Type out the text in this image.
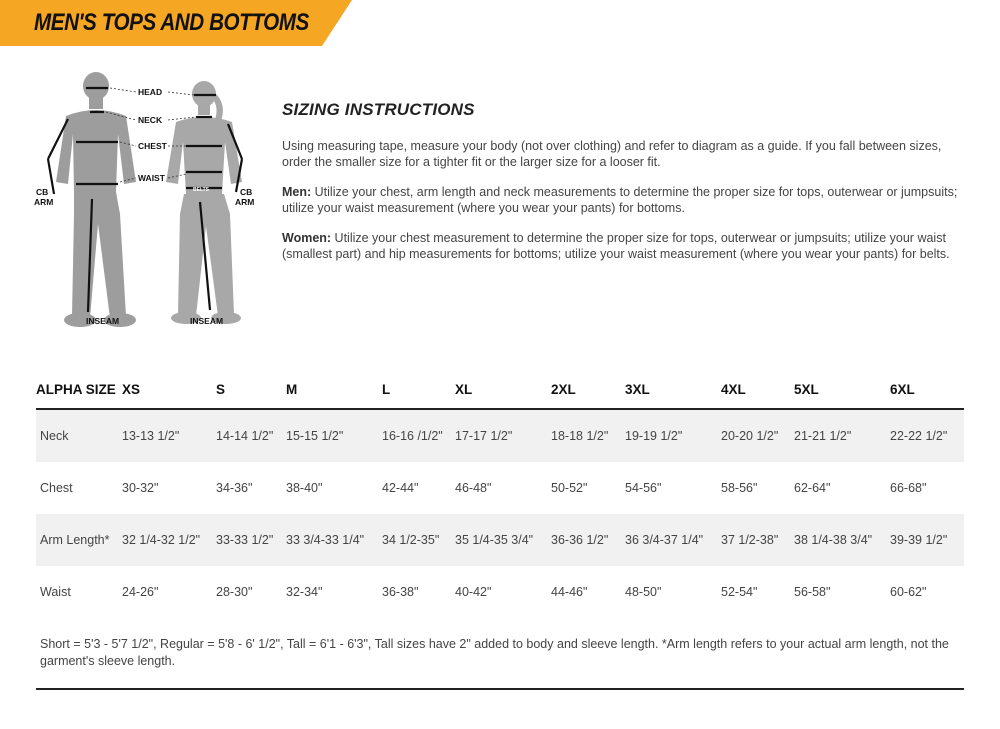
MEN'S TOPS AND BOTTOMS
HEAD
NECK
CHEST
WAIST
BELTS
CB
ARM
CB
ARM
INSEAM	INSEAM
SIZING INSTRUCTIONS

Using measuring tape, measure your body (not over clothing) and refer to diagram as a guide. If you fall between sizes, order the smaller size for a tighter fit or the larger size for a looser fit.

Men: Utilize your chest, arm length and neck measurements to determine the proper size for tops, outerwear or jumpsuits; utilize your waist measurement (where you wear your pants) for bottoms.

Women: Utilize your chest measurement to determine the proper size for tops, outerwear or jumpsuits; utilize your waist (smallest part) and hip measurements for bottoms; utilize your waist measurement (where you wear your pants) for belts.

ALPHA SIZE	XS	S	M	L	XL	2XL	3XL	4XL	5XL	6XL
Neck	13-13 1/2"	14-14 1/2"	15-15 1/2"	16-16 /1/2"	17-17 1/2"	18-18 1/2"	19-19 1/2"	20-20 1/2"	21-21 1/2"	22-22 1/2"
Chest	30-32"	34-36"	38-40"	42-44"	46-48"	50-52"	54-56"	58-56"	62-64"	66-68"
Arm Length*	32 1/4-32 1/2"	33-33 1/2"	33 3/4-33 1/4"	34 1/2-35"	35 1/4-35 3/4"	36-36 1/2"	36 3/4-37 1/4"	37 1/2-38"	38 1/4-38 3/4"	39-39 1/2"
Waist	24-26"	28-30"	32-34"	36-38"	40-42"	44-46"	48-50"	52-54"	56-58"	60-62"
Short = 5'3 - 5'7 1/2", Regular = 5'8 - 6' 1/2", Tall = 6'1 - 6'3", Tall sizes have 2" added to body and sleeve length. *Arm length refers to your actual arm length, not the garment's sleeve length.
